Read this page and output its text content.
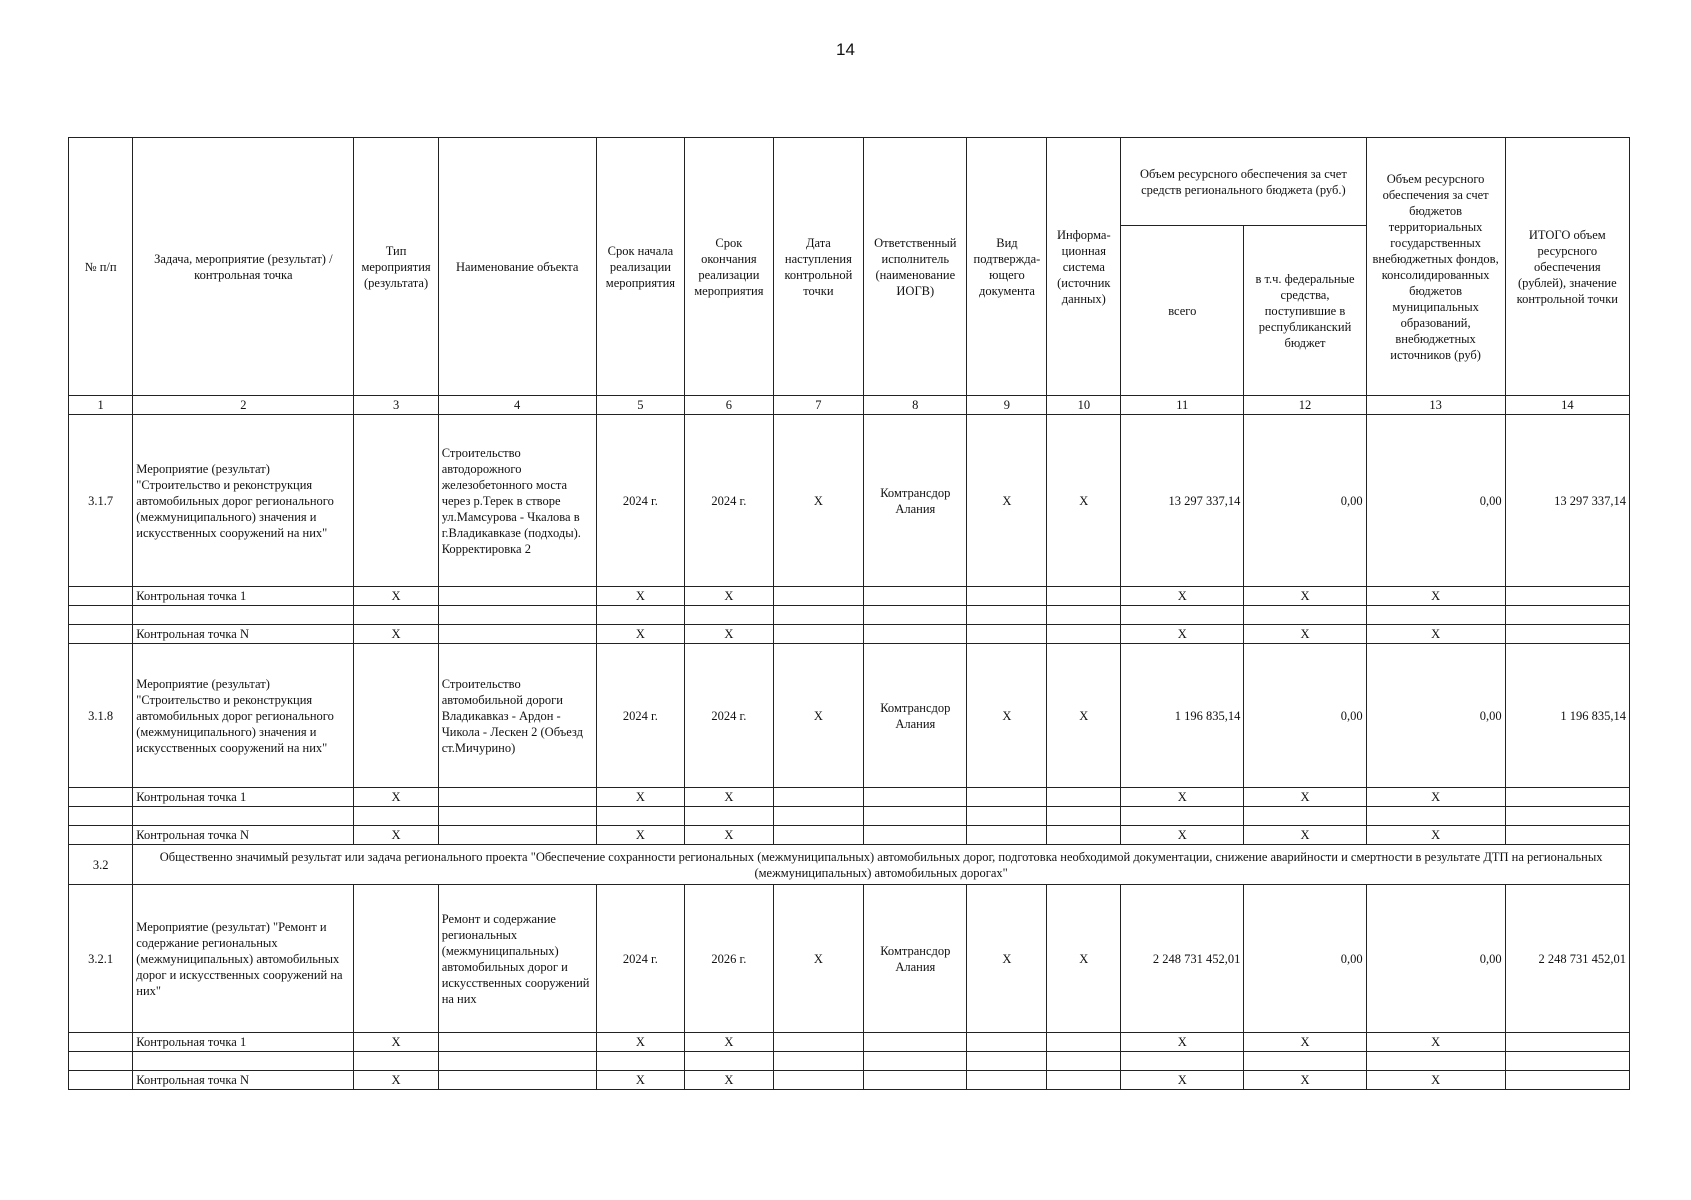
14
№ п/п	Задача, мероприятие (результат) / контрольная точка	Тип мероприятия (результата)	Наименование объекта	Срок начала реализации мероприятия	Срок окончания реализации мероприятия	Дата наступления контрольной точки	Ответственный исполнитель (наименование ИОГВ)	Вид подтвержда-ющего документа	Информа-ционная система (источник данных)	Объем ресурсного обеспечения за счет средств регионального бюджета (руб.)		Объем ресурсного обеспечения за счет бюджетов территориальных государственных внебюджетных фондов, консолидированных бюджетов муниципальных образований, внебюджетных источников (руб)	ИТОГО объем ресурсного обеспечения (рублей), значение контрольной точки
										всего	в т.ч. федеральные средства, поступившие в республиканский бюджет		
1	2	3	4	5	6	7	8	9	10	11	12	13	14
3.1.7	Мероприятие (результат) "Строительство и реконструкция автомобильных дорог регионального (межмуниципального) значения и искусственных сооружений на них"		Строительство автодорожного железобетонного моста через р.Терек в створе ул.Мамсурова - Чкалова в г.Владикавказе (подходы). Корректировка 2	2024 г.	2024 г.	X	Комтрансдор Алания	X	X	13 297 337,14	0,00	0,00	13 297 337,14
	Контрольная точка 1	X		X	X					X	X	X	

	Контрольная точка N	X		X	X					X	X	X	
3.1.8	Мероприятие (результат) "Строительство и реконструкция автомобильных дорог регионального (межмуниципального) значения и искусственных сооружений на них"		Строительство автомобильной дороги Владикавказ - Ардон - Чикола - Лескен 2 (Объезд ст.Мичурино)	2024 г.	2024 г.	X	Комтрансдор Алания	X	X	1 196 835,14	0,00	0,00	1 196 835,14
	Контрольная точка 1	X		X	X					X	X	X	

	Контрольная точка N	X		X	X					X	X	X	
3.2	Общественно значимый результат или задача регионального проекта "Обеспечение сохранности региональных (межмуниципальных) автомобильных дорог, подготовка необходимой документации, снижение аварийности и смертности в результате ДТП на региональных (межмуниципальных) автомобильных дорогах"												
3.2.1	Мероприятие (результат) "Ремонт и содержание региональных (межмуниципальных) автомобильных дорог и искусственных сооружений на них"		Ремонт и содержание региональных (межмуниципальных) автомобильных дорог и искусственных сооружений на них	2024 г.	2026 г.	X	Комтрансдор Алания	X	X	2 248 731 452,01	0,00	0,00	2 248 731 452,01
	Контрольная точка 1	X		X	X					X	X	X	

	Контрольная точка N	X		X	X					X	X	X	
